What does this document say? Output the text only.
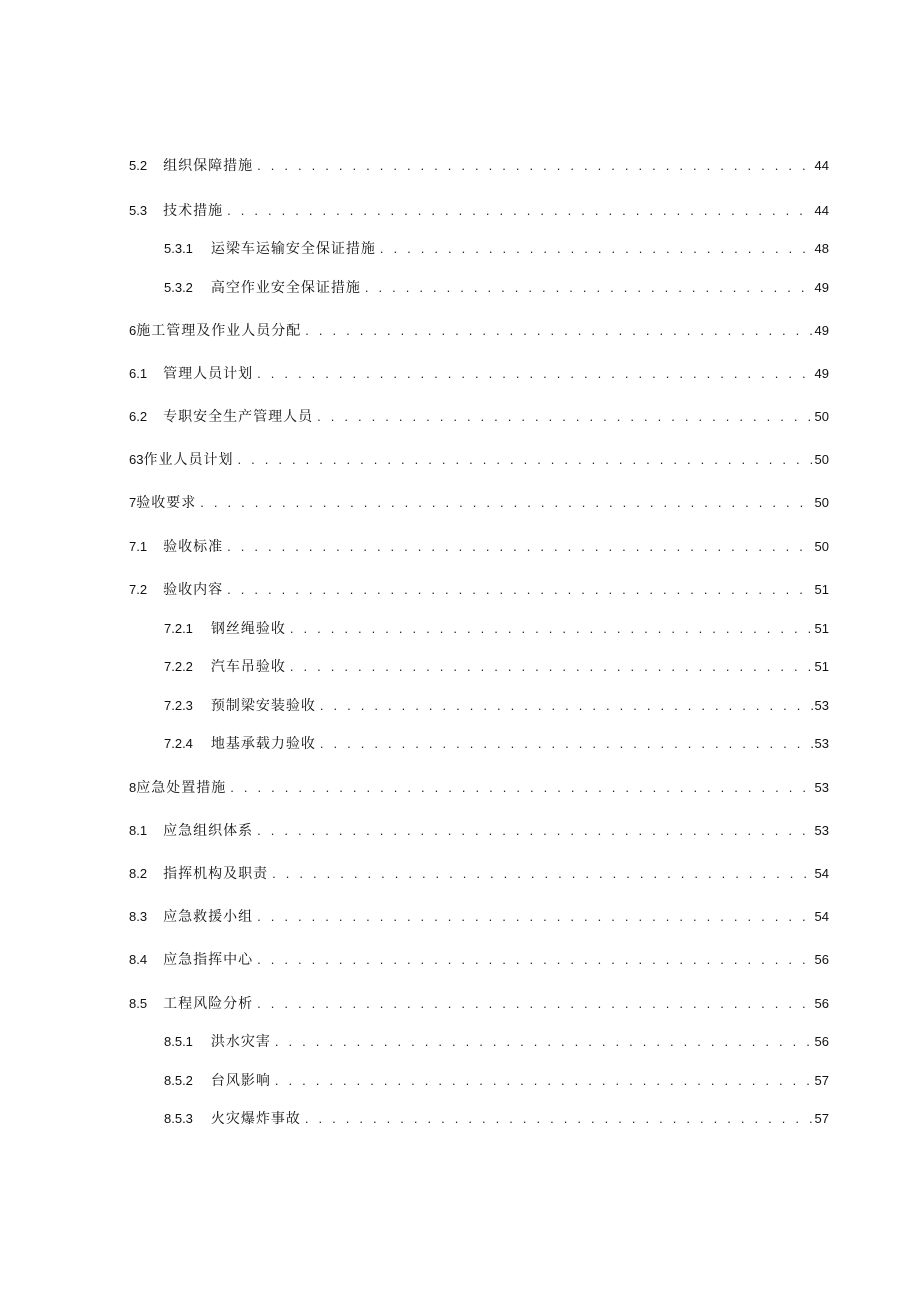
5.2 组织保障措施 . . .	44
5.3 技术措施 . . .	44
5.3.1 运梁车运输安全保证措施 . . .	48
5.3.2 高空作业安全保证措施 . . .	49
6 施工管理及作业人员分配 . . .	49
6.1 管理人员计划 . . .	49
6.2 专职安全生产管理人员 . . .	50
63 作业人员计划 . . .	50
7 验收要求 . . .	50
7.1 验收标准 . . .	50
7.2 验收内容 . . .	51
7.2.1 钢丝绳验收 . . .	51
7.2.2 汽车吊验收 . . .	51
7.2.3 预制梁安装验收 . . .	53
7.2.4 地基承载力验收 . . .	53
8 应急处置措施 . . .	53
8.1 应急组织体系 . . .	53
8.2 指挥机构及职责 . . .	54
8.3 应急救援小组 . . .	54
8.4 应急指挥中心 . . .	56
8.5 工程风险分析 . . .	56
8.5.1 洪水灾害 . . .	56
8.5.2 台风影响 . . .	57
8.5.3 火灾爆炸事故 . . .	57
